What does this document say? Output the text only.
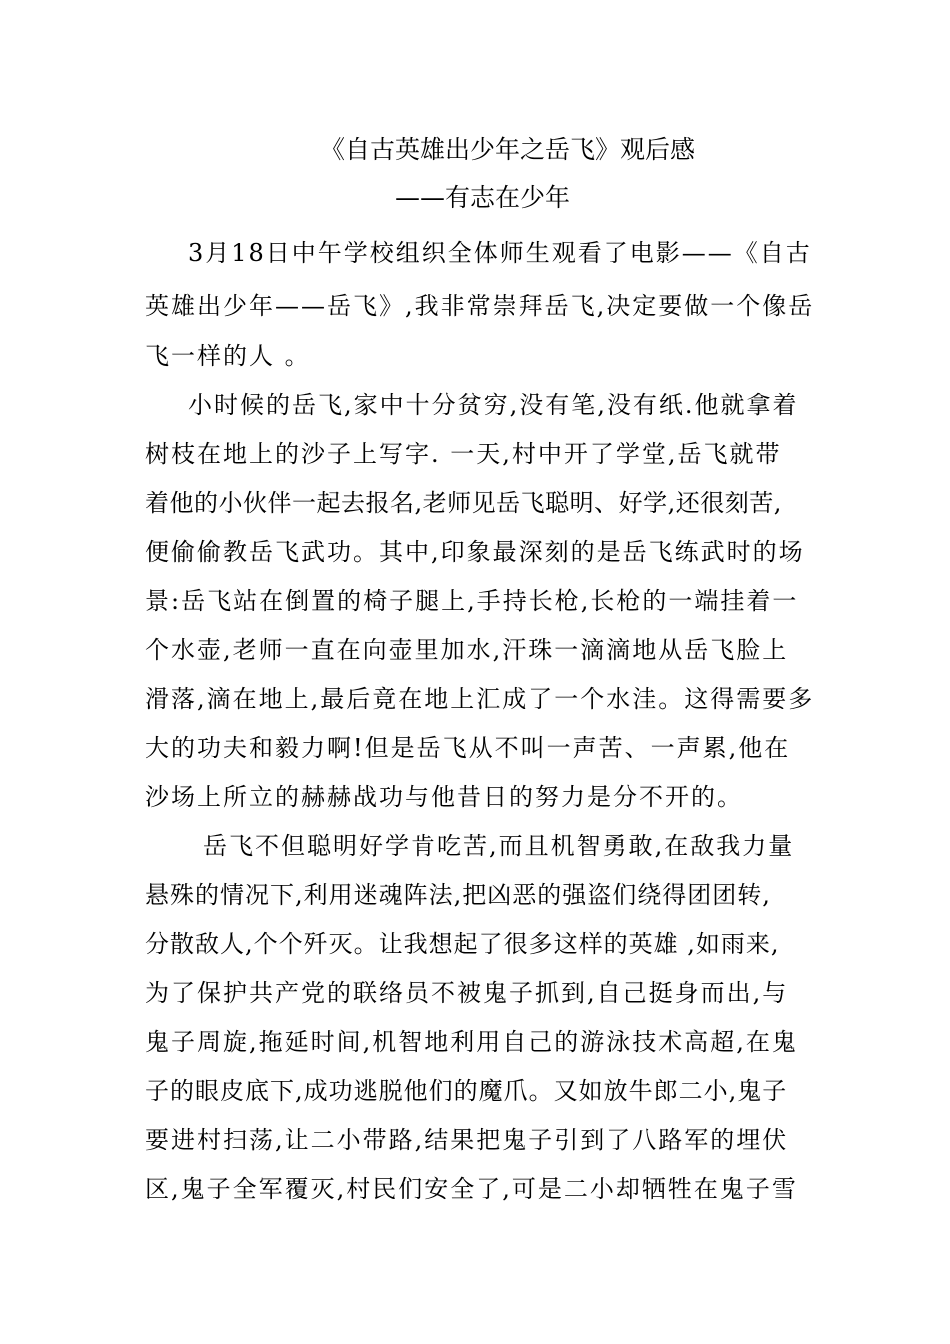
《自古英雄出少年之岳飞》观后感
——有志在少年
3月18日中午学校组织全体师生观看了电影——《自古
英雄出少年——岳飞》,我非常崇拜岳飞,决定要做一个像岳
飞一样的人 。
小时候的岳飞,家中十分贫穷,没有笔,没有纸.他就拿着
树枝在地上的沙子上写字. 一天,村中开了学堂,岳飞就带
着他的小伙伴一起去报名,老师见岳飞聪明、好学,还很刻苦,
便偷偷教岳飞武功。其中,印象最深刻的是岳飞练武时的场
景:岳飞站在倒置的椅子腿上,手持长枪,长枪的一端挂着一
个水壶,老师一直在向壶里加水,汗珠一滴滴地从岳飞脸上
滑落,滴在地上,最后竟在地上汇成了一个水洼。这得需要多
大的功夫和毅力啊!但是岳飞从不叫一声苦、一声累,他在
沙场上所立的赫赫战功与他昔日的努力是分不开的。
岳飞不但聪明好学肯吃苦,而且机智勇敢,在敌我力量
悬殊的情况下,利用迷魂阵法,把凶恶的强盗们绕得团团转,
分散敌人,个个歼灭。让我想起了很多这样的英雄 ,如雨来,
为了保护共产党的联络员不被鬼子抓到,自己挺身而出,与
鬼子周旋,拖延时间,机智地利用自己的游泳技术高超,在鬼
子的眼皮底下,成功逃脱他们的魔爪。又如放牛郎二小,鬼子
要进村扫荡,让二小带路,结果把鬼子引到了八路军的埋伏
区,鬼子全军覆灭,村民们安全了,可是二小却牺牲在鬼子雪
